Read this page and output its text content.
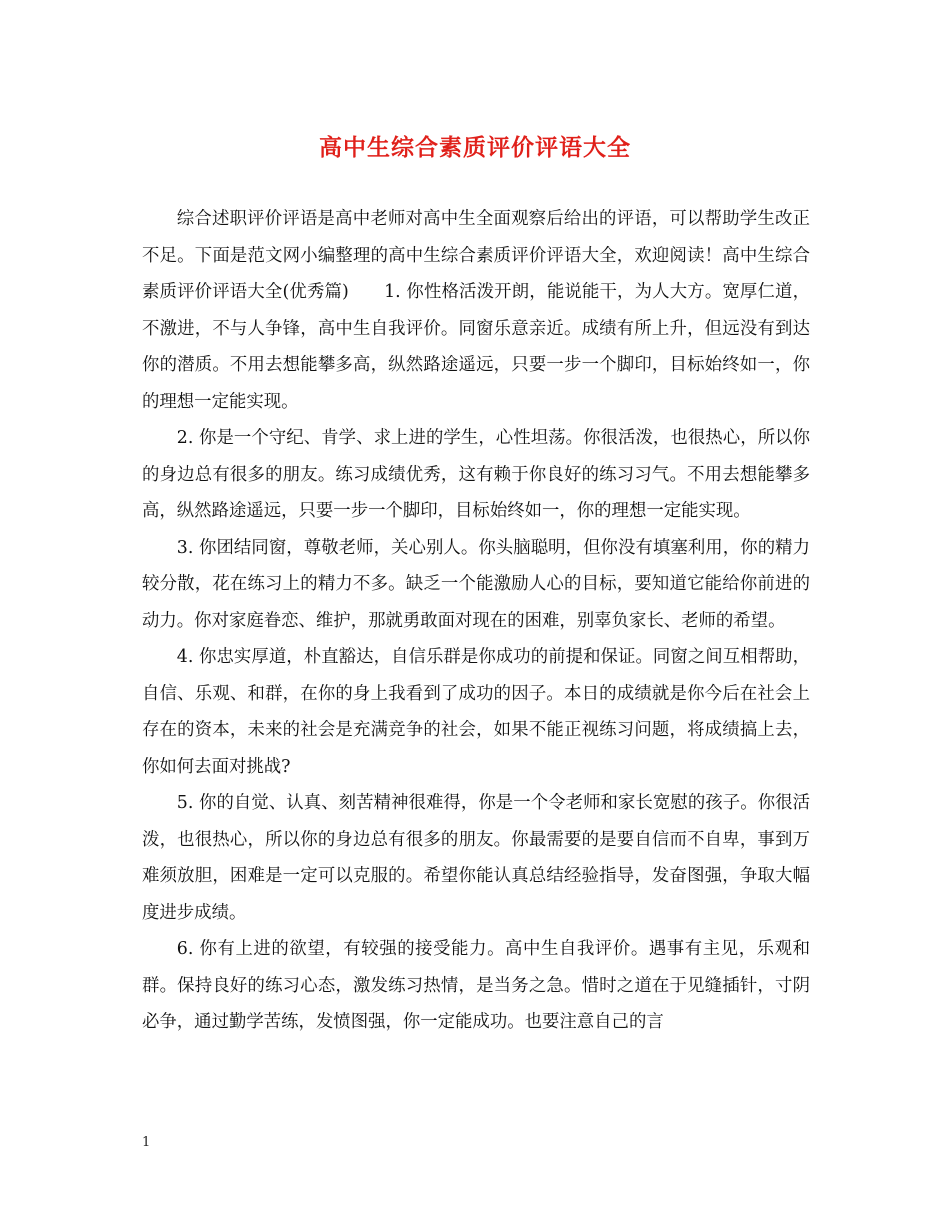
高中生综合素质评价评语大全

综合述职评价评语是高中老师对高中生全面观察后给出的评语，可以帮助学生改正不足。下面是范文网小编整理的高中生综合素质评价评语大全，欢迎阅读！高中生综合素质评价评语大全(优秀篇)　　1. 你性格活泼开朗，能说能干，为人大方。宽厚仁道，不激进，不与人争锋，高中生自我评价。同窗乐意亲近。成绩有所上升，但远没有到达你的潜质。不用去想能攀多高，纵然路途遥远，只要一步一个脚印，目标始终如一，你的理想一定能实现。

2. 你是一个守纪、肯学、求上进的学生，心性坦荡。你很活泼，也很热心，所以你的身边总有很多的朋友。练习成绩优秀，这有赖于你良好的练习习气。不用去想能攀多高，纵然路途遥远，只要一步一个脚印，目标始终如一，你的理想一定能实现。

3. 你团结同窗，尊敬老师，关心别人。你头脑聪明，但你没有填塞利用，你的精力较分散，花在练习上的精力不多。缺乏一个能激励人心的目标，要知道它能给你前进的动力。你对家庭眷恋、维护，那就勇敢面对现在的困难，别辜负家长、老师的希望。

4. 你忠实厚道，朴直豁达，自信乐群是你成功的前提和保证。同窗之间互相帮助，自信、乐观、和群，在你的身上我看到了成功的因子。本日的成绩就是你今后在社会上存在的资本，未来的社会是充满竞争的社会，如果不能正视练习问题，将成绩搞上去，你如何去面对挑战?

5. 你的自觉、认真、刻苦精神很难得，你是一个令老师和家长宽慰的孩子。你很活泼，也很热心，所以你的身边总有很多的朋友。你最需要的是要自信而不自卑，事到万难须放胆，困难是一定可以克服的。希望你能认真总结经验指导，发奋图强，争取大幅度进步成绩。

6. 你有上进的欲望，有较强的接受能力。高中生自我评价。遇事有主见，乐观和群。保持良好的练习心态，激发练习热情，是当务之急。惜时之道在于见缝插针，寸阴必争，通过勤学苦练，发愤图强，你一定能成功。也要注意自己的言

1
